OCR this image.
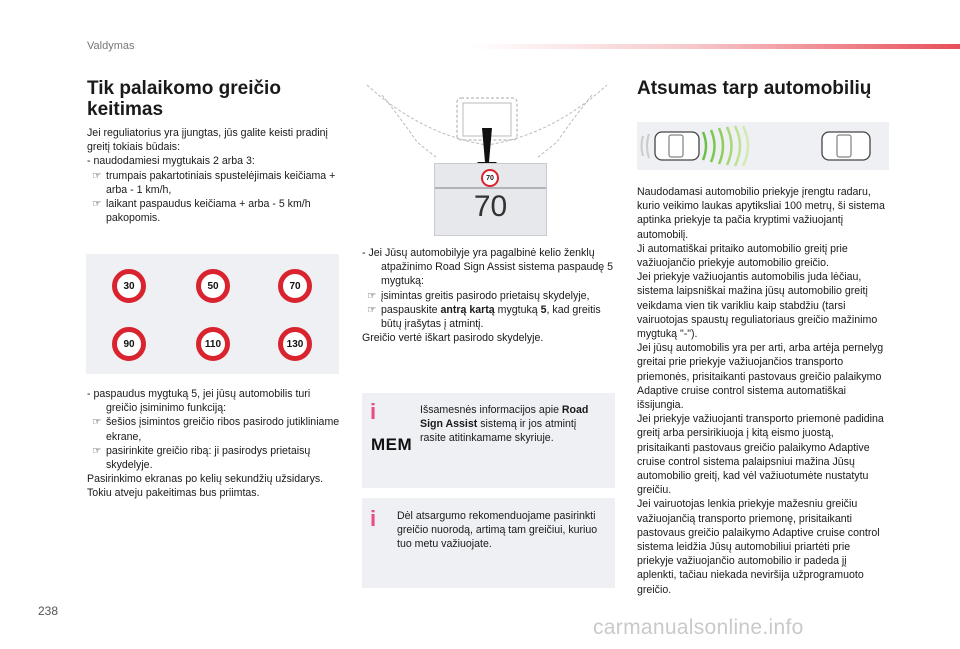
Valdymas
Tik palaikomo greičio keitimas

Jei reguliatorius yra įjungtas, jūs galite keisti pradinį greitį tokiais būdais:

- naudodamiesi mygtukais 2 arba 3:

☞ trumpais pakartotiniais spustelėjimais keičiama + arba - 1 km/h,

☞ laikant paspaudus keičiama + arba - 5 km/h pakopomis.

30	50	70
90	110	130

- paspaudus mygtuką 5, jei jūsų automobilis turi greičio įsiminimo funkciją:

☞ šešios įsimintos greičio ribos pasirodo jutikliniame ekrane,

☞ pasirinkite greičio ribą: ji pasirodys prietaisų skydelyje.

Pasirinkimo ekranas po kelių sekundžių užsidarys.

Tokiu atveju pakeitimas bus priimtas.

70
70

- Jei Jūsų automobilyje yra pagalbinė kelio ženklų atpažinimo Road Sign Assist sistema paspaudę 5 mygtuką:

☞ įsimintas greitis pasirodo prietaisų skydelyje,

☞ paspauskite antrą kartą mygtuką 5, kad greitis būtų įrašytas į atmintį.

Greičio vertė iškart pasirodo skydelyje.

i
MEM
Išsamesnės informacijos apie Road Sign Assist sistemą ir jos atmintį rasite atitinkamame skyriuje.
i Dėl atsargumo rekomenduojame pasirinkti greičio nuorodą, artimą tam greičiui, kuriuo tuo metu važiuojate.
Atsumas tarp automobilių

Naudodamasi automobilio priekyje įrengtu radaru, kurio veikimo laukas apytiksliai 100 metrų, ši sistema aptinka priekyje ta pačia kryptimi važiuojantį automobilį.

Ji automatiškai pritaiko automobilio greitį prie važiuojančio priekyje automobilio greičio.

Jei priekyje važiuojantis automobilis juda lėčiau, sistema laipsniškai mažina jūsų automobilio greitį veikdama vien tik varikliu kaip stabdžiu (tarsi vairuotojas spaustų reguliatoriaus greičio mažinimo mygtuką "-").

Jei jūsų automobilis yra per arti, arba artėja pernelyg greitai prie priekyje važiuojančios transporto priemonės, prisitaikanti pastovaus greičio palaikymo Adaptive cruise control sistema automatiškai išsijungia.

Jei priekyje važiuojanti transporto priemonė padidina greitį arba persirikiuoja į kitą eismo juostą, prisitaikanti pastovaus greičio palaikymo Adaptive cruise control sistema palaipsniui mažina Jūsų automobilio greitį, kad vėl važiuotumėte nustatytu greičiu.

Jei vairuotojas lenkia priekyje mažesniu greičiu važiuojančią transporto priemonę, prisitaikanti pastovaus greičio palaikymo Adaptive cruise control sistema leidžia Jūsų automobiliui priartėti prie priekyje važiuojančio automobilio ir padeda jį aplenkti, tačiau niekada neviršija užprogramuoto greičio.

238
carmanualsonline.info
